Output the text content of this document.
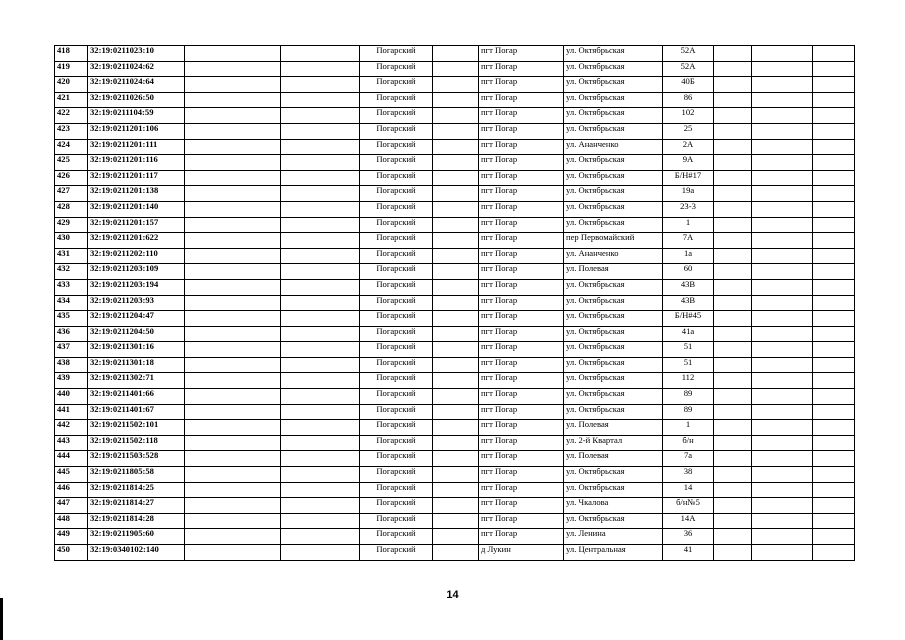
418	32:19:0211023:10			Погарский		пгт Погар	ул. Октябрьская	52А			
419	32:19:0211024:62			Погарский		пгт Погар	ул. Октябрьская	52А			
420	32:19:0211024:64			Погарский		пгт Погар	ул. Октябрьская	40Б			
421	32:19:0211026:50			Погарский		пгт Погар	ул. Октябрьская	86			
422	32:19:0211104:59			Погарский		пгт Погар	ул. Октябрьская	102			
423	32:19:0211201:106			Погарский		пгт Погар	ул. Октябрьская	25			
424	32:19:0211201:111			Погарский		пгт Погар	ул. Ананченко	2А			
425	32:19:0211201:116			Погарский		пгт Погар	ул. Октябрьская	9А			
426	32:19:0211201:117			Погарский		пгт Погар	ул. Октябрьская	Б/Н#17			
427	32:19:0211201:138			Погарский		пгт Погар	ул. Октябрьская	19а			
428	32:19:0211201:140			Погарский		пгт Погар	ул. Октябрьская	23-3			
429	32:19:0211201:157			Погарский		пгт Погар	ул. Октябрьская	1			
430	32:19:0211201:622			Погарский		пгт Погар	пер Первомайский	7А			
431	32:19:0211202:110			Погарский		пгт Погар	ул. Ананченко	1а			
432	32:19:0211203:109			Погарский		пгт Погар	ул. Полевая	60			
433	32:19:0211203:194			Погарский		пгт Погар	ул. Октябрьская	43В			
434	32:19:0211203:93			Погарский		пгт Погар	ул. Октябрьская	43В			
435	32:19:0211204:47			Погарский		пгт Погар	ул. Октябрьская	Б/Н#45			
436	32:19:0211204:50			Погарский		пгт Погар	ул. Октябрьская	41а			
437	32:19:0211301:16			Погарский		пгт Погар	ул. Октябрьская	51			
438	32:19:0211301:18			Погарский		пгт Погар	ул. Октябрьская	51			
439	32:19:0211302:71			Погарский		пгт Погар	ул. Октябрьская	112			
440	32:19:0211401:66			Погарский		пгт Погар	ул. Октябрьская	89			
441	32:19:0211401:67			Погарский		пгт Погар	ул. Октябрьская	89			
442	32:19:0211502:101			Погарский		пгт Погар	ул. Полевая	1			
443	32:19:0211502:118			Погарский		пгт Погар	ул. 2-й Квартал	б/н			
444	32:19:0211503:528			Погарский		пгт Погар	ул. Полевая	7а			
445	32:19:0211805:58			Погарский		пгт Погар	ул. Октябрьская	38			
446	32:19:0211814:25			Погарский		пгт Погар	ул. Октябрьская	14			
447	32:19:0211814:27			Погарский		пгт Погар	ул. Чкалова	б/н№5			
448	32:19:0211814:28			Погарский		пгт Погар	ул. Октябрьская	14А			
449	32:19:0211905:60			Погарский		пгт Погар	ул. Ленина	36			
450	32:19:0340102:140			Погарский		д Лукин	ул. Центральная	41			
14
